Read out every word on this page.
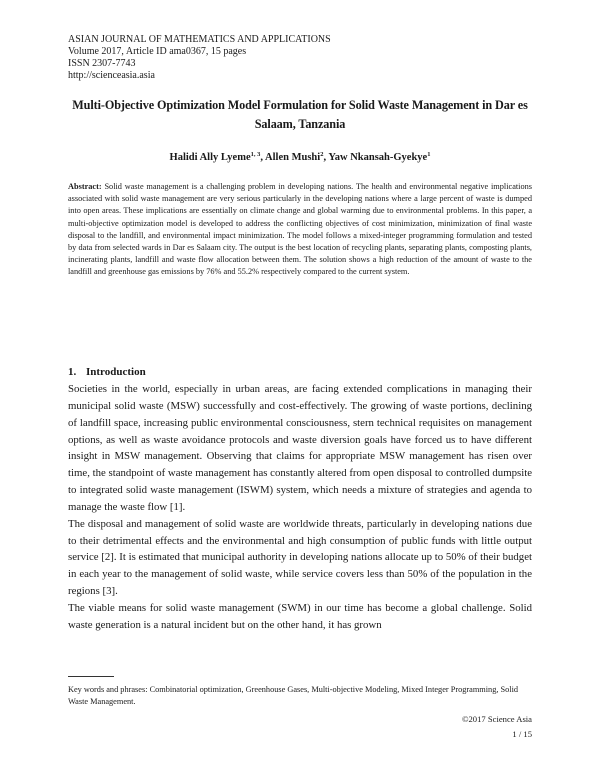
ASIAN JOURNAL OF MATHEMATICS AND APPLICATIONS
Volume 2017, Article ID ama0367, 15 pages
ISSN 2307-7743
http://scienceasia.asia
Multi-Objective Optimization Model Formulation for Solid Waste Management in Dar es Salaam, Tanzania
Halidi Ally Lyeme$^{1, 3}$, Allen Mushi$^2$, Yaw Nkansah-Gyekye$^1$
Abstract: Solid waste management is a challenging problem in developing nations. The health and environmental negative implications associated with solid waste management are very serious particularly in the developing nations where a large percent of waste is dumped into open areas. These implications are essentially on climate change and global warming due to environmental problems. In this paper, a multi-objective optimization model is developed to address the conflicting objectives of cost minimization, minimization of final waste disposal to the landfill, and environmental impact minimization. The model follows a mixed-integer programming formulation and tested by data from selected wards in Dar es Salaam city. The output is the best location of recycling plants, separating plants, composting plants, incinerating plants, landfill and waste flow allocation between them. The solution shows a high reduction of the amount of waste to the landfill and greenhouse gas emissions by 76% and 55.2% respectively compared to the current system.
1. Introduction

Societies in the world, especially in urban areas, are facing extended complications in managing their municipal solid waste (MSW) successfully and cost-effectively. The growing of waste portions, declining of landfill space, increasing public environmental consciousness, stern technical requisites on management options, as well as waste avoidance protocols and waste diversion goals have forced us to have different insight in MSW management. Observing that claims for appropriate MSW management has risen over time, the standpoint of waste management has constantly altered from open disposal to controlled dumpsite to integrated solid waste management (ISWM) system, which needs a mixture of strategies and agenda to manage the waste flow [1].

The disposal and management of solid waste are worldwide threats, particularly in developing nations due to their detrimental effects and the environmental and high consumption of public funds with little output service [2]. It is estimated that municipal authority in developing nations allocate up to 50% of their budget in each year to the management of solid waste, while service covers less than 50% of the population in the regions [3].

The viable means for solid waste management (SWM) in our time has become a global challenge. Solid waste generation is a natural incident but on the other hand, it has grown

Key words and phrases: Combinatorial optimization, Greenhouse Gases, Multi-objective Modeling, Mixed Integer Programming, Solid Waste Management.
©2017 Science Asia
1 / 15
